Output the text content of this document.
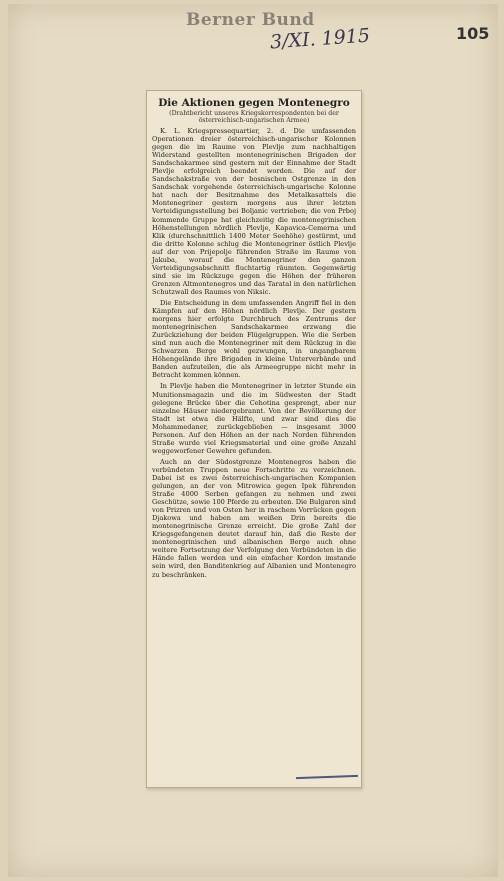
Berner Bund
3/XI. 1915	105
Die Aktionen gegen Montenegro
(Drahtbericht unseres Kriegskorrespondenten bei der österreichisch-ungarischen Armee)

K. L. Kriegspressequartier, 2. d. Die umfassenden Operationen dreier österreichisch-ungarischer Kolonnen gegen die im Raume von Plevlje zum nachhaltigen Widerstand gestellten montenegrinischen Brigaden der Sandschakarmee sind gestern mit der Einnahme der Stadt Plevlje erfolgreich beendet worden. Die auf der Sandschakstraße von der bosnischen Ostgrenze in den Sandschak vorgehende österreichisch-ungarische Kolonne hat nach der Besitznahme des Metalkasattels die Montenegriner gestern morgens aus ihrer letzten Verteidigungsstellung bei Boljanic vertrieben; die von Prboj kommende Gruppe hat gleichzeitig die montenegrinischen Höhenstellungen nördlich Plevlje, Kapavica-Cemerna und Klik (durchschnittlich 1400 Meter Seehöhe) gestürmt, und die dritte Kolonne schlug die Montenegriner östlich Plevlje auf der von Prijepolje führenden Straße im Raume von Jakuba, worauf die Montenegriner den ganzen Verteidigungsabschnitt fluchtartig räumten. Gegenwärtig sind sie im Rückzuge gegen die Höhen der früheren Grenzen Altmontenegros und das Taratal in den natürlichen Schutzwall des Raumes von Niksic.

Die Entscheidung in dem umfassenden Angriff fiel in den Kämpfen auf den Höhen nördlich Plevlje. Der gestern morgens hier erfolgte Durchbruch des Zentrums der montenegrinischen Sandschakarmee erzwang die Zurückziehung der beiden Flügelgruppen. Wie die Serben sind nun auch die Montenegriner mit dem Rückzug in die Schwarzen Berge wohl gezwungen, in ungangbarem Höhengelände ihre Brigaden in kleine Unterverbände und Banden aufzuteilen, die als Armeegruppe nicht mehr in Betracht kommen können.

In Plevlje haben die Montenegriner in letzter Stunde ein Munitionsmagazin und die im Südwesten der Stadt gelegene Brücke über die Cehotina gesprengt, aber nur einzelne Häuser niedergebrannt. Von der Bevölkerung der Stadt ist etwa die Hälfte, und zwar sind dies die Mohammedaner, zurückgeblieben — insgesamt 3000 Personen. Auf den Höhen an der nach Norden führenden Straße wurde viel Kriegsmaterial und eine große Anzahl weggeworfener Gewehre gefunden.

Auch an der Südostgrenze Montenegros haben die verbündeten Truppen neue Fortschritte zu verzeichnen. Dabei ist es zwei österreichisch-ungarischen Kompanien gelungen, an der von Mitrowica gegen Ipek führenden Straße 4000 Serben gefangen zu nehmen und zwei Geschütze, sowie 100 Pferde zu erbeuten. Die Bulgaren sind von Prizren und von Osten her in raschem Vorrücken gegen Djakowa und haben am weißen Drin bereits die montenegrinische Grenze erreicht. Die große Zahl der Kriegsgefangenen deutet darauf hin, daß die Reste der montenegrinischen und albanischen Berge auch ohne weitere Fortsetzung der Verfolgung den Verbündeten in die Hände fallen werden und ein einfacher Kordon imstande sein wird, den Banditenkrieg auf Albanien und Montenegro zu beschränken.
